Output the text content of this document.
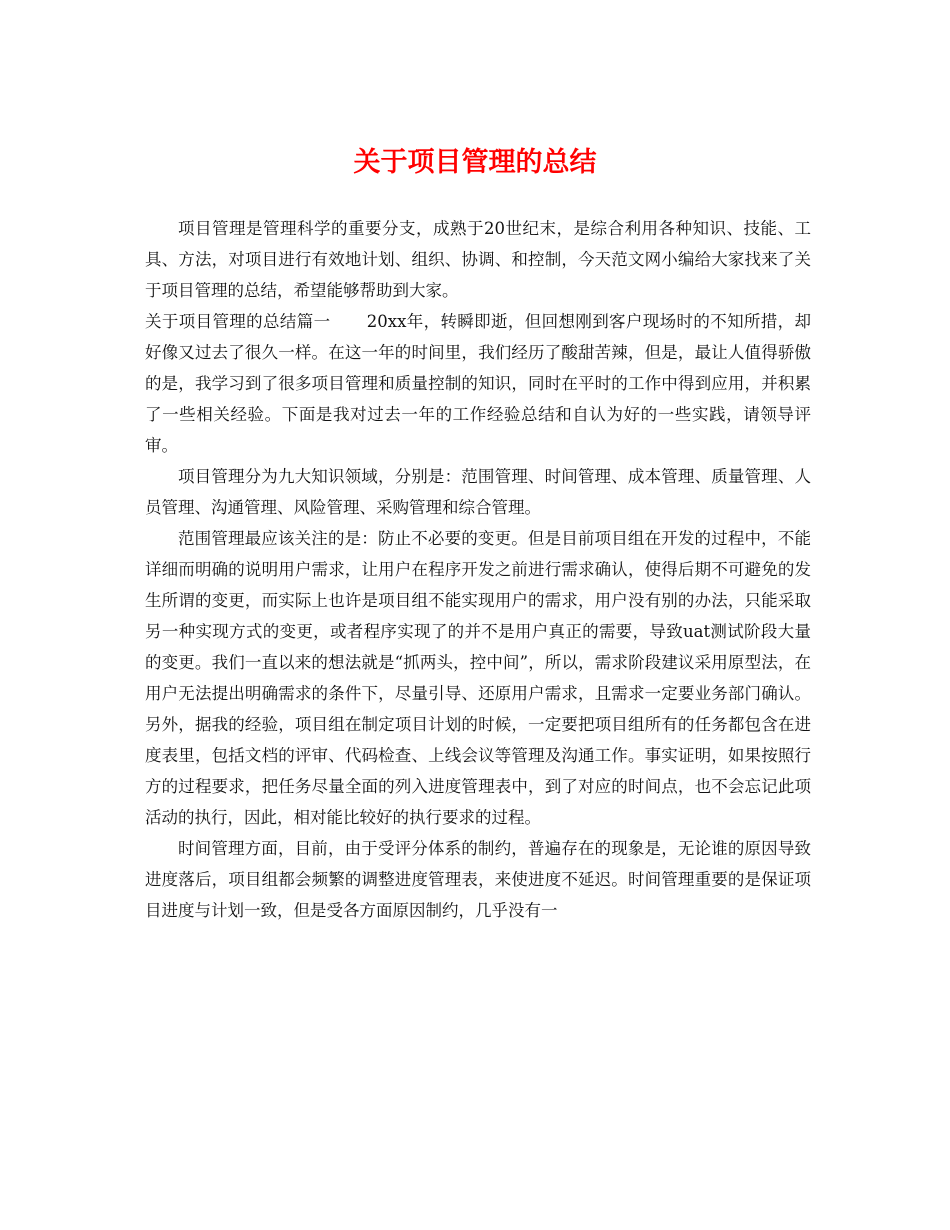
关于项目管理的总结

项目管理是管理科学的重要分支，成熟于20世纪末，是综合利用各种知识、技能、工具、方法，对项目进行有效地计划、组织、协调、和控制，今天范文网小编给大家找来了关于项目管理的总结，希望能够帮助到大家。

关于项目管理的总结篇一 20xx年，转瞬即逝，但回想刚到客户现场时的不知所措，却好像又过去了很久一样。在这一年的时间里，我们经历了酸甜苦辣，但是，最让人值得骄傲的是，我学习到了很多项目管理和质量控制的知识，同时在平时的工作中得到应用，并积累了一些相关经验。下面是我对过去一年的工作经验总结和自认为好的一些实践，请领导评审。

项目管理分为九大知识领域，分别是：范围管理、时间管理、成本管理、质量管理、人员管理、沟通管理、风险管理、采购管理和综合管理。

范围管理最应该关注的是：防止不必要的变更。但是目前项目组在开发的过程中，不能详细而明确的说明用户需求，让用户在程序开发之前进行需求确认，使得后期不可避免的发生所谓的变更，而实际上也许是项目组不能实现用户的需求，用户没有别的办法，只能采取另一种实现方式的变更，或者程序实现了的并不是用户真正的需要，导致uat测试阶段大量的变更。我们一直以来的想法就是“抓两头，控中间”，所以，需求阶段建议采用原型法，在用户无法提出明确需求的条件下，尽量引导、还原用户需求，且需求一定要业务部门确认。另外，据我的经验，项目组在制定项目计划的时候，一定要把项目组所有的任务都包含在进度表里，包括文档的评审、代码检查、上线会议等管理及沟通工作。事实证明，如果按照行方的过程要求，把任务尽量全面的列入进度管理表中，到了对应的时间点，也不会忘记此项活动的执行，因此，相对能比较好的执行要求的过程。

时间管理方面，目前，由于受评分体系的制约，普遍存在的现象是，无论谁的原因导致进度落后，项目组都会频繁的调整进度管理表，来使进度不延迟。时间管理重要的是保证项目进度与计划一致，但是受各方面原因制约，几乎没有一
